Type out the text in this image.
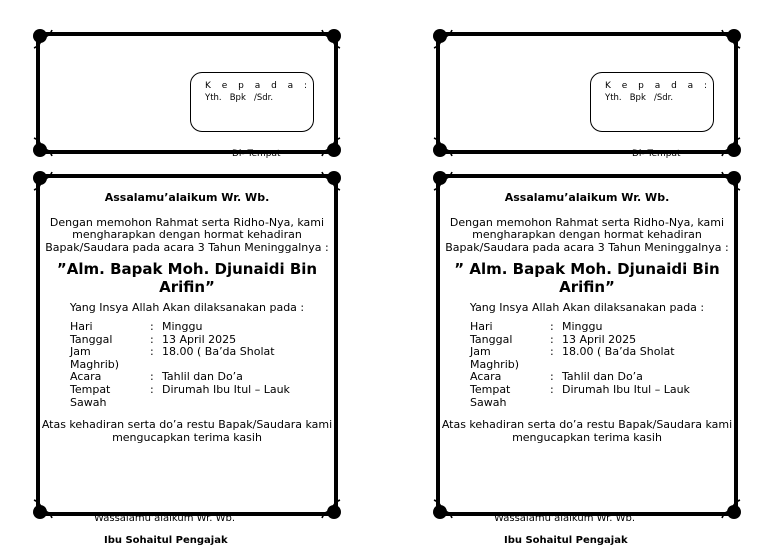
K e p a d a :
Yth.   Bpk   /Sdr.
Di- Tempat
Assalamu’alaikum Wr. Wb.
Dengan memohon Rahmat serta Ridho-Nya, kami mengharapkan dengan hormat kehadiran Bapak/Saudara pada acara 3 Tahun Meninggalnya :
”Alm. Bapak Moh. Djunaidi Bin Arifin”
Yang Insya Allah Akan dilaksanakan pada :
Hari	: Minggu
Tanggal	: 13 April 2025
Jam	: 18.00 ( Ba’da Sholat
Maghrib)
Acara	: Tahlil dan Do’a
Tempat	: Dirumah Ibu Itul – Lauk
Sawah
Atas kehadiran serta do’a restu Bapak/Saudara kami mengucapkan terima kasih
Wassalamu’alaikum Wr. Wb.
Ibu Sohaitul Pengajak
K e p a d a :
Yth.   Bpk   /Sdr.
Di- Tempat
Assalamu’alaikum Wr. Wb.
Dengan memohon Rahmat serta Ridho-Nya, kami mengharapkan dengan hormat kehadiran Bapak/Saudara pada acara 3 Tahun Meninggalnya :
” Alm. Bapak Moh. Djunaidi Bin Arifin”
Yang Insya Allah Akan dilaksanakan pada :
Hari	: Minggu
Tanggal	: 13 April 2025
Jam	: 18.00 ( Ba’da Sholat
Maghrib)
Acara	: Tahlil dan Do’a
Tempat	: Dirumah Ibu Itul – Lauk
Sawah
Atas kehadiran serta do’a restu Bapak/Saudara kami mengucapkan terima kasih
Wassalamu’alaikum Wr. Wb.
Ibu Sohaitul Pengajak
